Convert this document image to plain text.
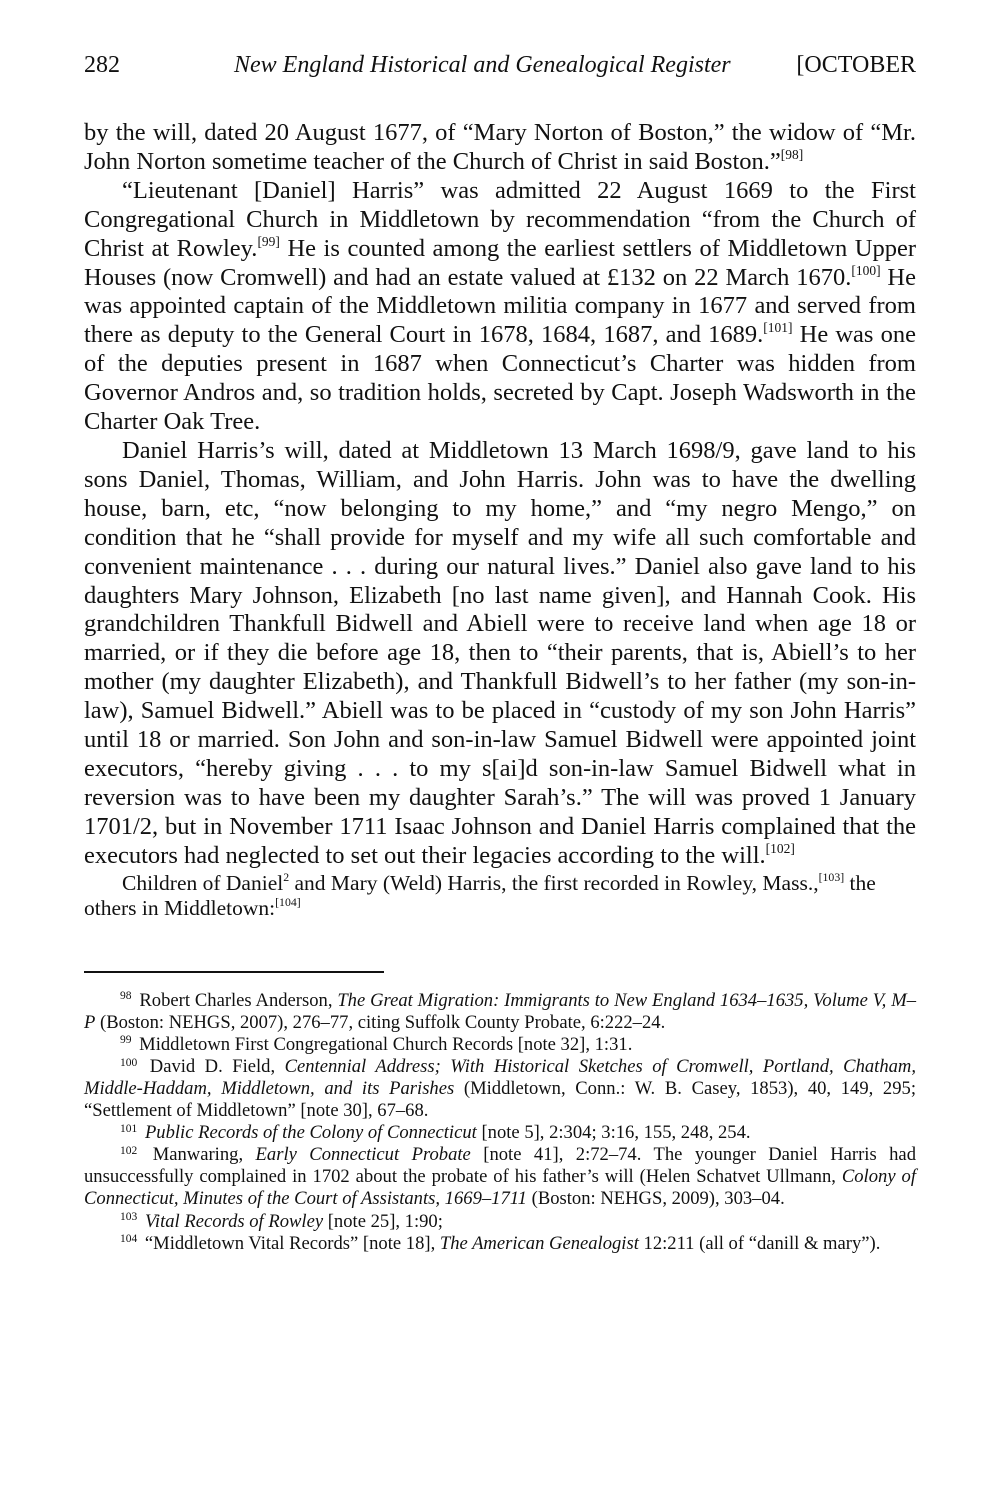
282	New England Historical and Genealogical Register	[OCTOBER

by the will, dated 20 August 1677, of “Mary Norton of Boston,” the widow of “Mr. John Norton sometime teacher of the Church of Christ in said Boston.”[98]

“Lieutenant [Daniel] Harris” was admitted 22 August 1669 to the First Congregational Church in Middletown by recommendation “from the Church of Christ at Rowley.[99] He is counted among the earliest settlers of Middletown Upper Houses (now Cromwell) and had an estate valued at £132 on 22 March 1670.[100] He was appointed captain of the Middletown militia company in 1677 and served from there as deputy to the General Court in 1678, 1684, 1687, and 1689.[101] He was one of the deputies present in 1687 when Connecticut’s Charter was hidden from Governor Andros and, so tradition holds, secreted by Capt. Joseph Wadsworth in the Charter Oak Tree.

Daniel Harris’s will, dated at Middletown 13 March 1698/9, gave land to his sons Daniel, Thomas, William, and John Harris. John was to have the dwelling house, barn, etc, “now belonging to my home,” and “my negro Mengo,” on condition that he “shall provide for myself and my wife all such comfortable and convenient maintenance . . . during our natural lives.” Daniel also gave land to his daughters Mary Johnson, Elizabeth [no last name given], and Hannah Cook. His grandchildren Thankfull Bidwell and Abiell were to receive land when age 18 or married, or if they die before age 18, then to “their parents, that is, Abiell’s to her mother (my daughter Elizabeth), and Thankfull Bidwell’s to her father (my son-in-law), Samuel Bidwell.” Abiell was to be placed in “custody of my son John Harris” until 18 or married. Son John and son-in-law Samuel Bidwell were appointed joint executors, “hereby giving . . . to my s[ai]d son-in-law Samuel Bidwell what in reversion was to have been my daughter Sarah’s.” The will was proved 1 January 1701/2, but in November 1711 Isaac Johnson and Daniel Harris complained that the executors had neglected to set out their legacies according to the will.[102]

Children of Daniel$^2$ and Mary (Weld) Harris, the first recorded in Rowley, Mass.,[103] the others in Middletown:[104]

$^{98}$ Robert Charles Anderson, The Great Migration: Immigrants to New England 1634–1635, Volume V, M–P (Boston: NEHGS, 2007), 276–77, citing Suffolk County Probate, 6:222–24.

$^{99}$ Middletown First Congregational Church Records [note 32], 1:31.

$^{100}$ David D. Field, Centennial Address; With Historical Sketches of Cromwell, Portland, Chatham, Middle-Haddam, Middletown, and its Parishes (Middletown, Conn.: W. B. Casey, 1853), 40, 149, 295; “Settlement of Middletown” [note 30], 67–68.

$^{101}$ Public Records of the Colony of Connecticut [note 5], 2:304; 3:16, 155, 248, 254.

$^{102}$ Manwaring, Early Connecticut Probate [note 41], 2:72–74. The younger Daniel Harris had unsuccessfully complained in 1702 about the probate of his father’s will (Helen Schatvet Ullmann, Colony of Connecticut, Minutes of the Court of Assistants, 1669–1711 (Boston: NEHGS, 2009), 303–04.

$^{103}$ Vital Records of Rowley [note 25], 1:90;

$^{104}$ “Middletown Vital Records” [note 18], The American Genealogist 12:211 (all of “danill & mary”).
